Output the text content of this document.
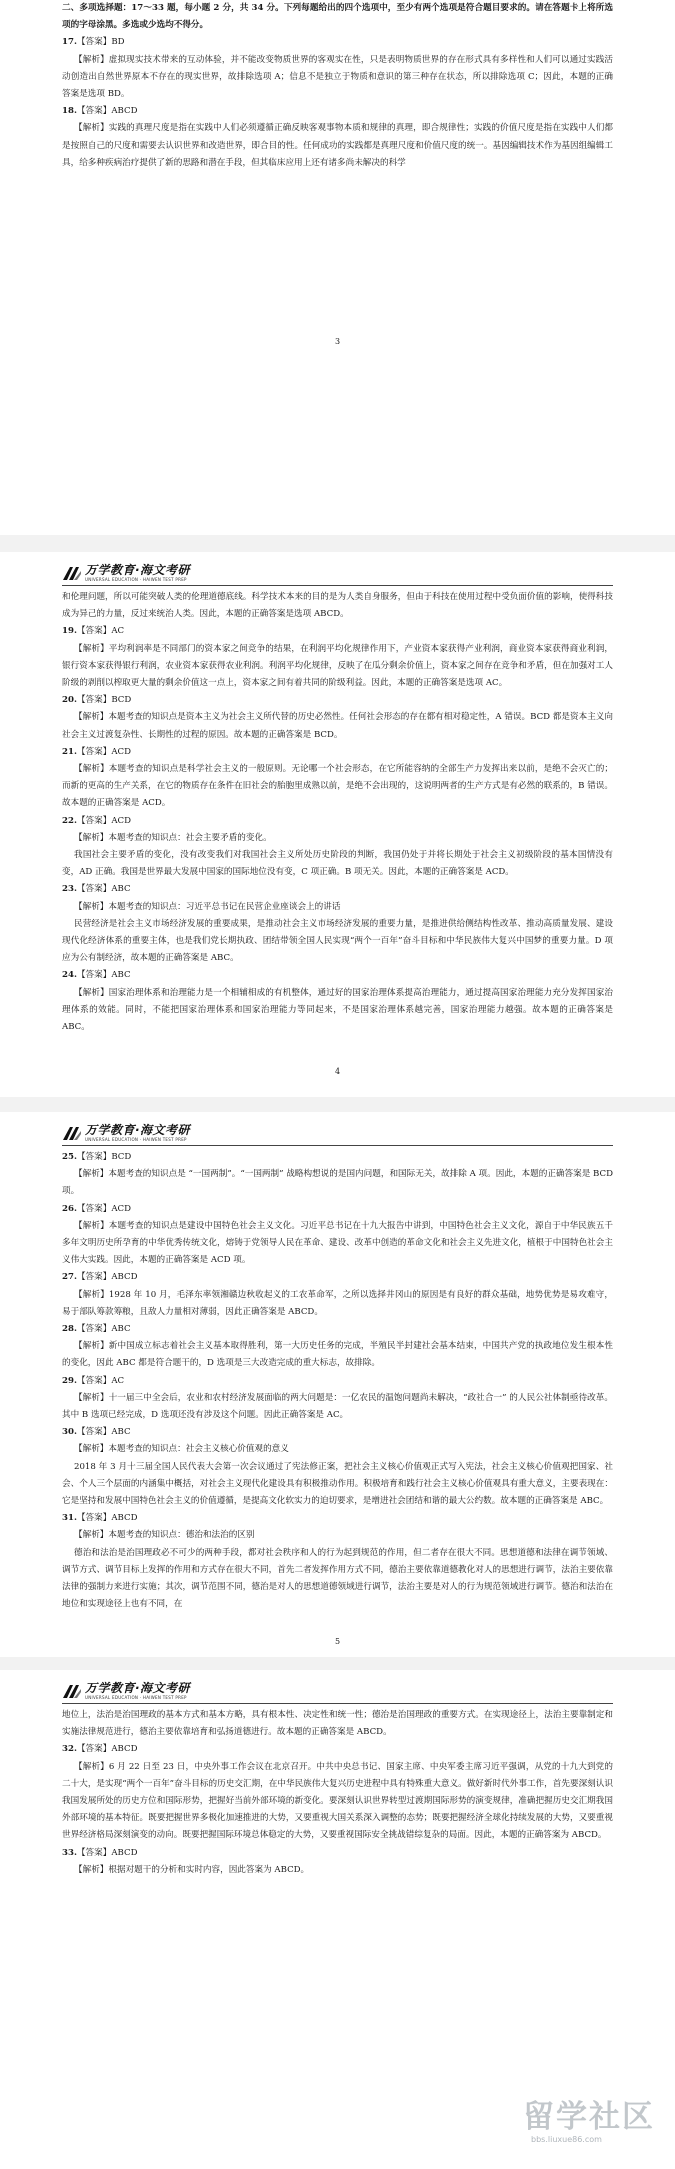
二、多项选择题：17～33 题，每小题 2 分，共 34 分。下列每题给出的四个选项中，至少有两个选项是符合题目要求的。请在答题卡上将所选项的字母涂黑。多选或少选均不得分。

17.【答案】BD

【解析】虚拟现实技术带来的互动体验，并不能改变物质世界的客观实在性，只是表明物质世界的存在形式具有多样性和人们可以通过实践活动创造出自然世界原本不存在的现实世界，故排除选项 A；信息不是独立于物质和意识的第三种存在状态，所以排除选项 C；因此，本题的正确答案是选项 BD。

18.【答案】ABCD

【解析】实践的真理尺度是指在实践中人们必须遵循正确反映客观事物本质和规律的真理，即合规律性；实践的价值尺度是指在实践中人们都是按照自己的尺度和需要去认识世界和改造世界，即合目的性。任何成功的实践都是真理尺度和价值尺度的统一。基因编辑技术作为基因组编辑工具，给多种疾病治疗提供了新的思路和潜在手段，但其临床应用上还有诸多尚未解决的科学

3
万学教育·海文考研
UNIVERSAL EDUCATION · HAIWEN TEST PREP

和伦理问题，所以可能突破人类的伦理道德底线。科学技术本来的目的是为人类自身服务，但由于科技在使用过程中受负面价值的影响，使得科技成为异己的力量，反过来统治人类。因此，本题的正确答案是选项 ABCD。

19.【答案】AC

【解析】平均利润率是不同部门的资本家之间竞争的结果，在利润平均化规律作用下，产业资本家获得产业利润，商业资本家获得商业利润，银行资本家获得银行利润，农业资本家获得农业利润。利润平均化规律，反映了在瓜分剩余价值上，资本家之间存在竞争和矛盾，但在加强对工人阶级的剥削以榨取更大量的剩余价值这一点上，资本家之间有着共同的阶级利益。因此，本题的正确答案是选项 AC。

20.【答案】BCD

【解析】本题考查的知识点是资本主义为社会主义所代替的历史必然性。任何社会形态的存在都有相对稳定性，A 错误。BCD 都是资本主义向社会主义过渡复杂性、长期性的过程的原因。故本题的正确答案是 BCD。

21.【答案】ACD

【解析】本题考查的知识点是科学社会主义的一般原则。无论哪一个社会形态，在它所能容纳的全部生产力发挥出来以前，是绝不会灭亡的；而新的更高的生产关系，在它的物质存在条件在旧社会的胎胞里成熟以前，是绝不会出现的，这说明两者的生产方式是有必然的联系的，B 错误。故本题的正确答案是 ACD。

22.【答案】ACD

【解析】本题考查的知识点：社会主要矛盾的变化。

我国社会主要矛盾的变化，没有改变我们对我国社会主义所处历史阶段的判断，我国仍处于并将长期处于社会主义初级阶段的基本国情没有变，AD 正确。我国是世界最大发展中国家的国际地位没有变，C 项正确。B 项无关。因此，本题的正确答案是 ACD。

23.【答案】ABC

【解析】本题考查的知识点：习近平总书记在民营企业座谈会上的讲话

民营经济是社会主义市场经济发展的重要成果，是推动社会主义市场经济发展的重要力量，是推进供给侧结构性改革、推动高质量发展、建设现代化经济体系的重要主体，也是我们党长期执政、团结带领全国人民实现“两个一百年”奋斗目标和中华民族伟大复兴中国梦的重要力量。D 项应为公有制经济，故本题的正确答案是 ABC。

24.【答案】ABC

【解析】国家治理体系和治理能力是一个相辅相成的有机整体，通过好的国家治理体系提高治理能力，通过提高国家治理能力充分发挥国家治理体系的效能。同时，不能把国家治理体系和国家治理能力等同起来，不是国家治理体系越完善，国家治理能力越强。故本题的正确答案是 ABC。

4
万学教育·海文考研
UNIVERSAL EDUCATION · HAIWEN TEST PREP

25.【答案】BCD

【解析】本题考查的知识点是 “一国两制”。“一国两制” 战略构想说的是国内问题，和国际无关，故排除 A 项。因此，本题的正确答案是 BCD 项。

26.【答案】ACD

【解析】本题考查的知识点是建设中国特色社会主义文化。习近平总书记在十九大报告中讲到，中国特色社会主义文化，源自于中华民族五千多年文明历史所孕育的中华优秀传统文化，熔铸于党领导人民在革命、建设、改革中创造的革命文化和社会主义先进文化，植根于中国特色社会主义伟大实践。因此，本题的正确答案是 ACD 项。

27.【答案】ABCD

【解析】1928 年 10 月，毛泽东率领湘赣边秋收起义的工农革命军，之所以选择井冈山的原因是有良好的群众基础，地势优势是易攻难守，易于部队筹款筹粮，且敌人力量相对薄弱，因此正确答案是 ABCD。

28.【答案】ABC

【解析】新中国成立标志着社会主义基本取得胜利，第一大历史任务的完成，半殖民半封建社会基本结束，中国共产党的执政地位发生根本性的变化，因此 ABC 都是符合题干的，D 选项是三大改造完成的重大标志，故排除。

29.【答案】AC

【解析】十一届三中全会后，农业和农村经济发展面临的两大问题是：一亿农民的温饱问题尚未解决，“政社合一” 的人民公社体制亟待改革。其中 B 选项已经完成，D 选项还没有涉及这个问题。因此正确答案是 AC。

30.【答案】ABC

【解析】本题考查的知识点：社会主义核心价值观的意义

2018 年 3 月十三届全国人民代表大会第一次会议通过了宪法修正案，把社会主义核心价值观正式写入宪法，社会主义核心价值观把国家、社会、个人三个层面的内涵集中概括，对社会主义现代化建设具有积极推动作用。积极培育和践行社会主义核心价值观具有重大意义，主要表现在：它是坚持和发展中国特色社会主义的价值遵循，是提高文化软实力的迫切要求，是增进社会团结和谐的最大公约数。故本题的正确答案是 ABC。

31.【答案】ABCD

【解析】本题考查的知识点：德治和法治的区别

德治和法治是治国理政必不可少的两种手段，都对社会秩序和人的行为起到规范的作用，但二者存在很大不同。思想道德和法律在调节领域、调节方式、调节目标上发挥的作用和方式存在很大不同，首先二者发挥作用方式不同，德治主要依靠道德教化对人的思想进行调节，法治主要依靠法律的强制力来进行实施；其次，调节范围不同，德治是对人的思想道德领域进行调节，法治主要是对人的行为规范领域进行调节。德治和法治在地位和实现途径上也有不同，在

5
万学教育·海文考研
UNIVERSAL EDUCATION · HAIWEN TEST PREP

地位上，法治是治国理政的基本方式和基本方略，具有根本性、决定性和统一性；德治是治国理政的重要方式。在实现途径上，法治主要靠制定和实施法律规范进行，德治主要依靠培育和弘扬道德进行。故本题的正确答案是 ABCD。

32.【答案】ABCD

【解析】6 月 22 日至 23 日，中央外事工作会议在北京召开。中共中央总书记、国家主席、中央军委主席习近平强调，从党的十九大到党的二十大，是实现“两个一百年”奋斗目标的历史交汇期，在中华民族伟大复兴历史进程中具有特殊重大意义。做好新时代外事工作，首先要深刻认识我国发展所处的历史方位和国际形势，把握好当前外部环境的新变化。要深刻认识世界转型过渡期国际形势的演变规律，准确把握历史交汇期我国外部环境的基本特征。既要把握世界多极化加速推进的大势，又要重视大国关系深入调整的态势；既要把握经济全球化持续发展的大势，又要重视世界经济格局深刻演变的动向。既要把握国际环境总体稳定的大势，又要重视国际安全挑战错综复杂的局面。因此，本题的正确答案为 ABCD。

33.【答案】ABCD

【解析】根据对题干的分析和实时内容，因此答案为 ABCD。

留学社区
bbs.liuxue86.com
